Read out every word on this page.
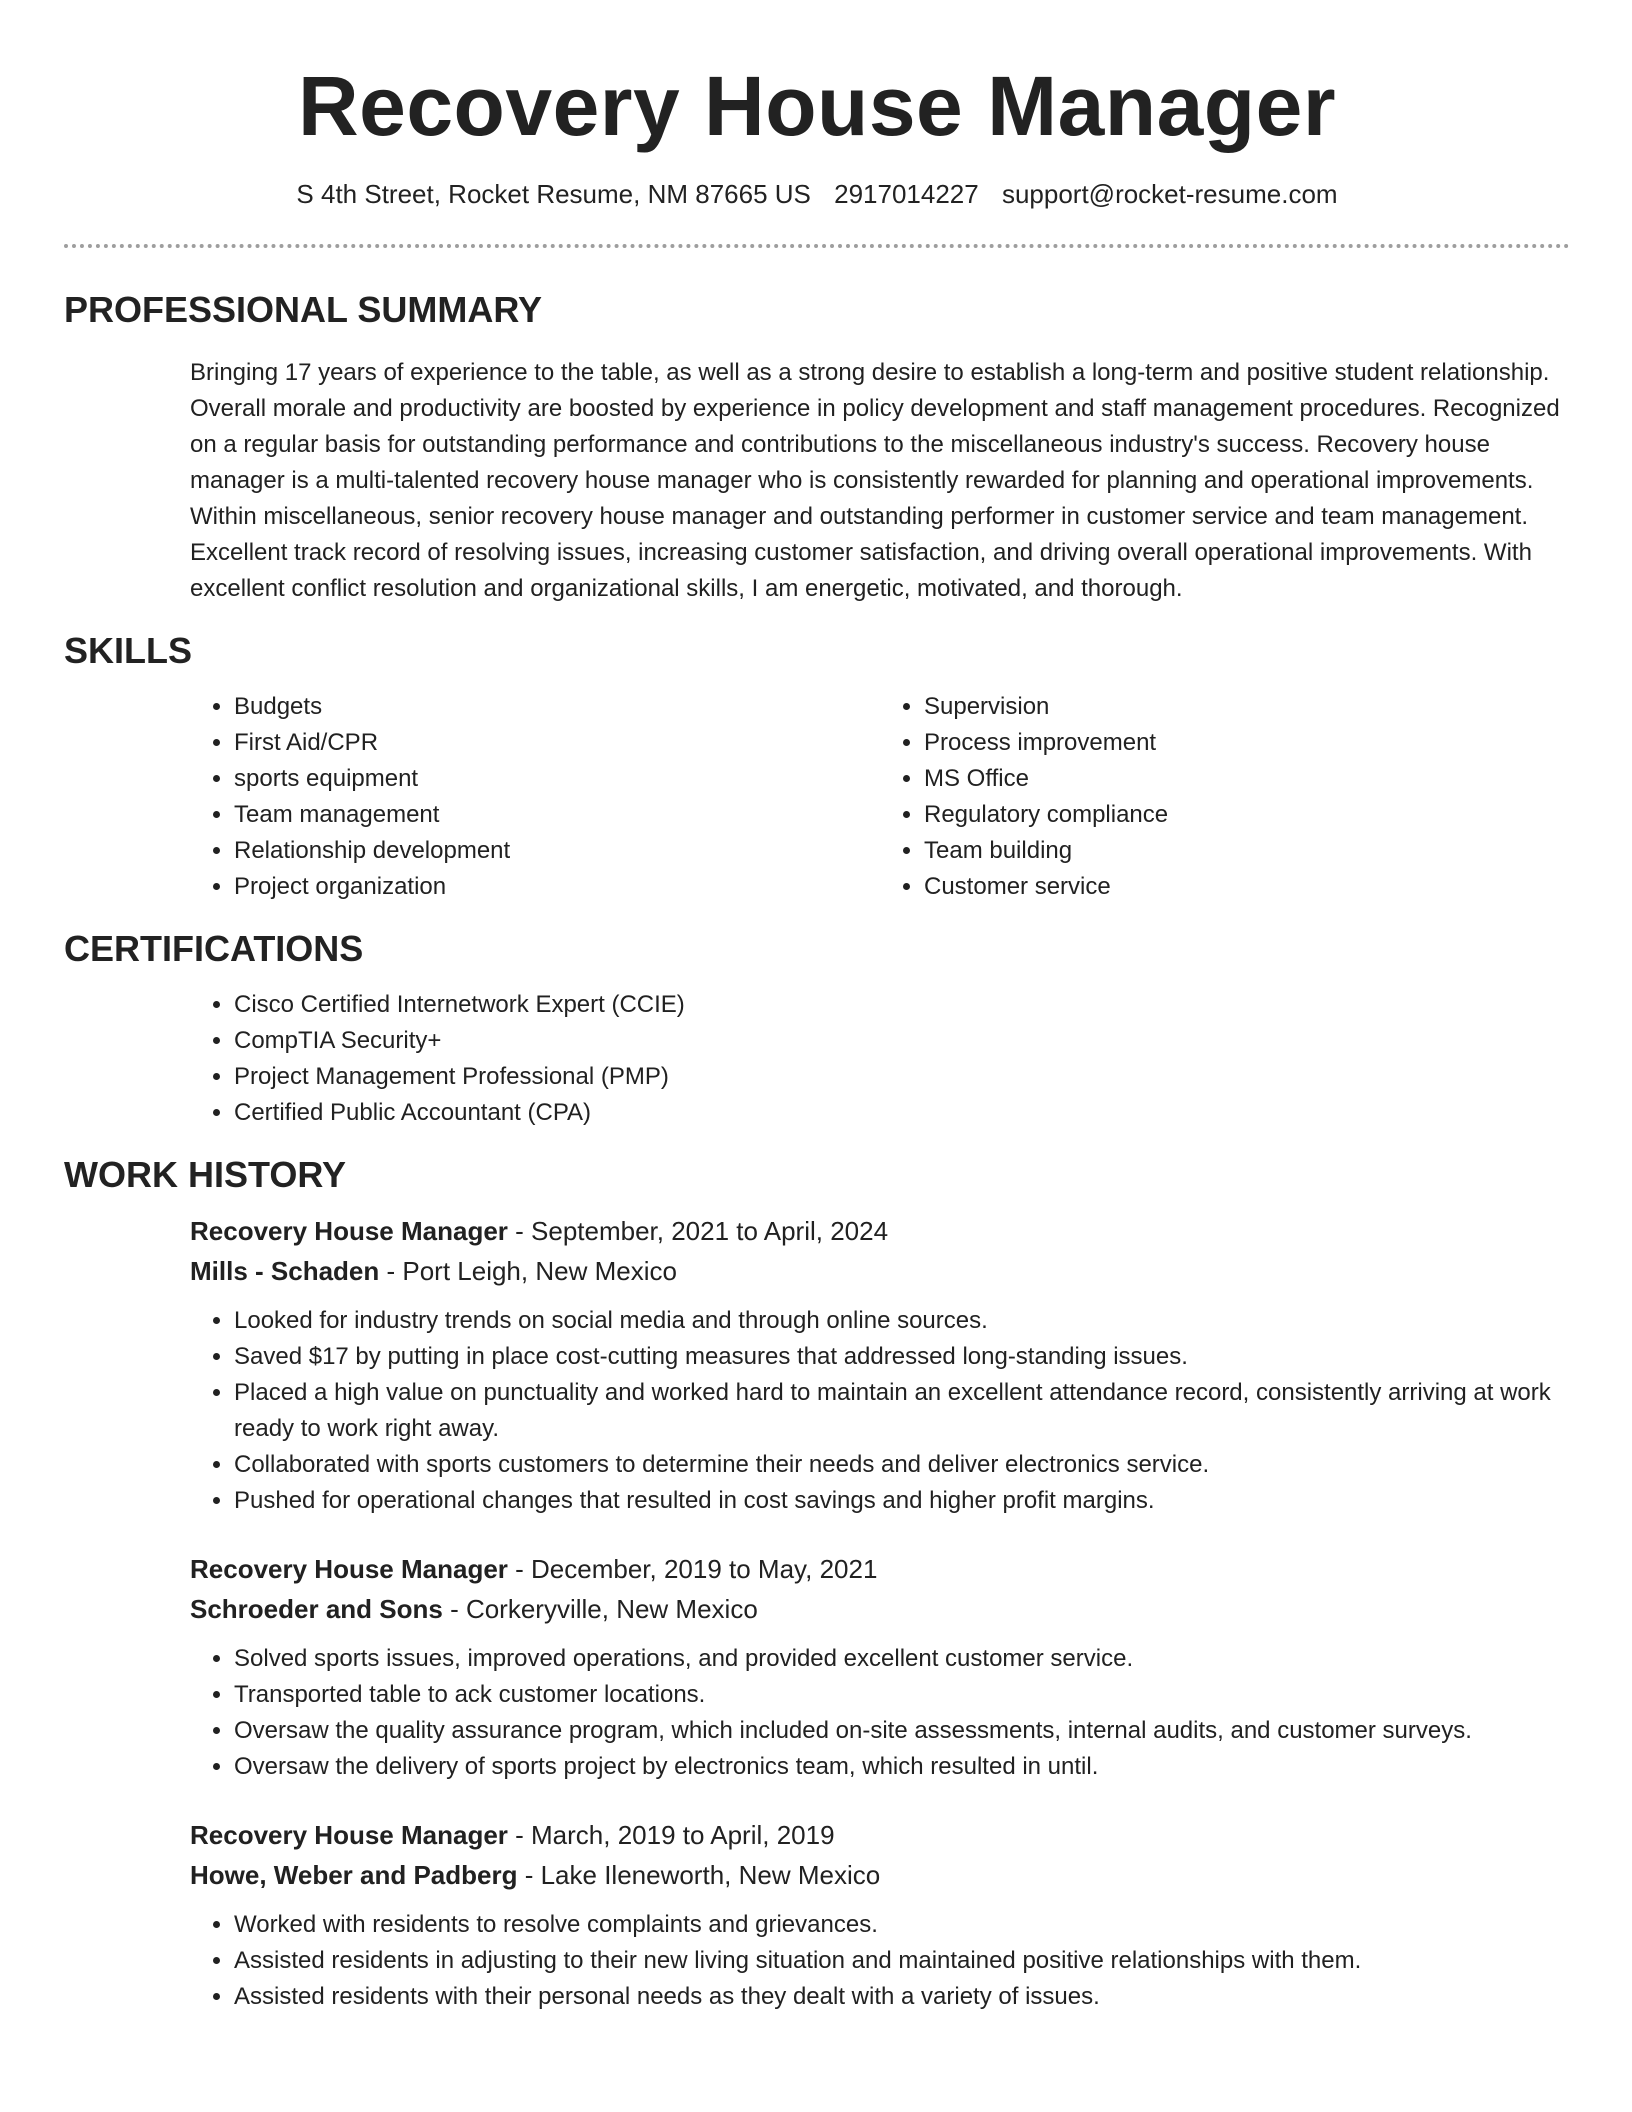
Recovery House Manager
S 4th Street, Rocket Resume, NM 87665 US 2917014227 support@rocket-resume.com
PROFESSIONAL SUMMARY

Bringing 17 years of experience to the table, as well as a strong desire to establish a long-term and positive student relationship. Overall morale and productivity are boosted by experience in policy development and staff management procedures. Recognized on a regular basis for outstanding performance and contributions to the miscellaneous industry's success. Recovery house manager is a multi-talented recovery house manager who is consistently rewarded for planning and operational improvements. Within miscellaneous, senior recovery house manager and outstanding performer in customer service and team management. Excellent track record of resolving issues, increasing customer satisfaction, and driving overall operational improvements. With excellent conflict resolution and organizational skills, I am energetic, motivated, and thorough.

SKILLS
• Budgets
• First Aid/CPR
• sports equipment
• Team management
• Relationship development
• Project organization
• Supervision
• Process improvement
• MS Office
• Regulatory compliance
• Team building
• Customer service
CERTIFICATIONS
• Cisco Certified Internetwork Expert (CCIE)
• CompTIA Security+
• Project Management Professional (PMP)
• Certified Public Accountant (CPA)
WORK HISTORY
Recovery House Manager - September, 2021 to April, 2024
Mills - Schaden - Port Leigh, New Mexico
• Looked for industry trends on social media and through online sources.
• Saved $17 by putting in place cost-cutting measures that addressed long-standing issues.
• Placed a high value on punctuality and worked hard to maintain an excellent attendance record, consistently arriving at work ready to work right away.
• Collaborated with sports customers to determine their needs and deliver electronics service.
• Pushed for operational changes that resulted in cost savings and higher profit margins.
Recovery House Manager - December, 2019 to May, 2021
Schroeder and Sons - Corkeryville, New Mexico
• Solved sports issues, improved operations, and provided excellent customer service.
• Transported table to ack customer locations.
• Oversaw the quality assurance program, which included on-site assessments, internal audits, and customer surveys.
• Oversaw the delivery of sports project by electronics team, which resulted in until.
Recovery House Manager - March, 2019 to April, 2019
Howe, Weber and Padberg - Lake Ileneworth, New Mexico
• Worked with residents to resolve complaints and grievances.
• Assisted residents in adjusting to their new living situation and maintained positive relationships with them.
• Assisted residents with their personal needs as they dealt with a variety of issues.
